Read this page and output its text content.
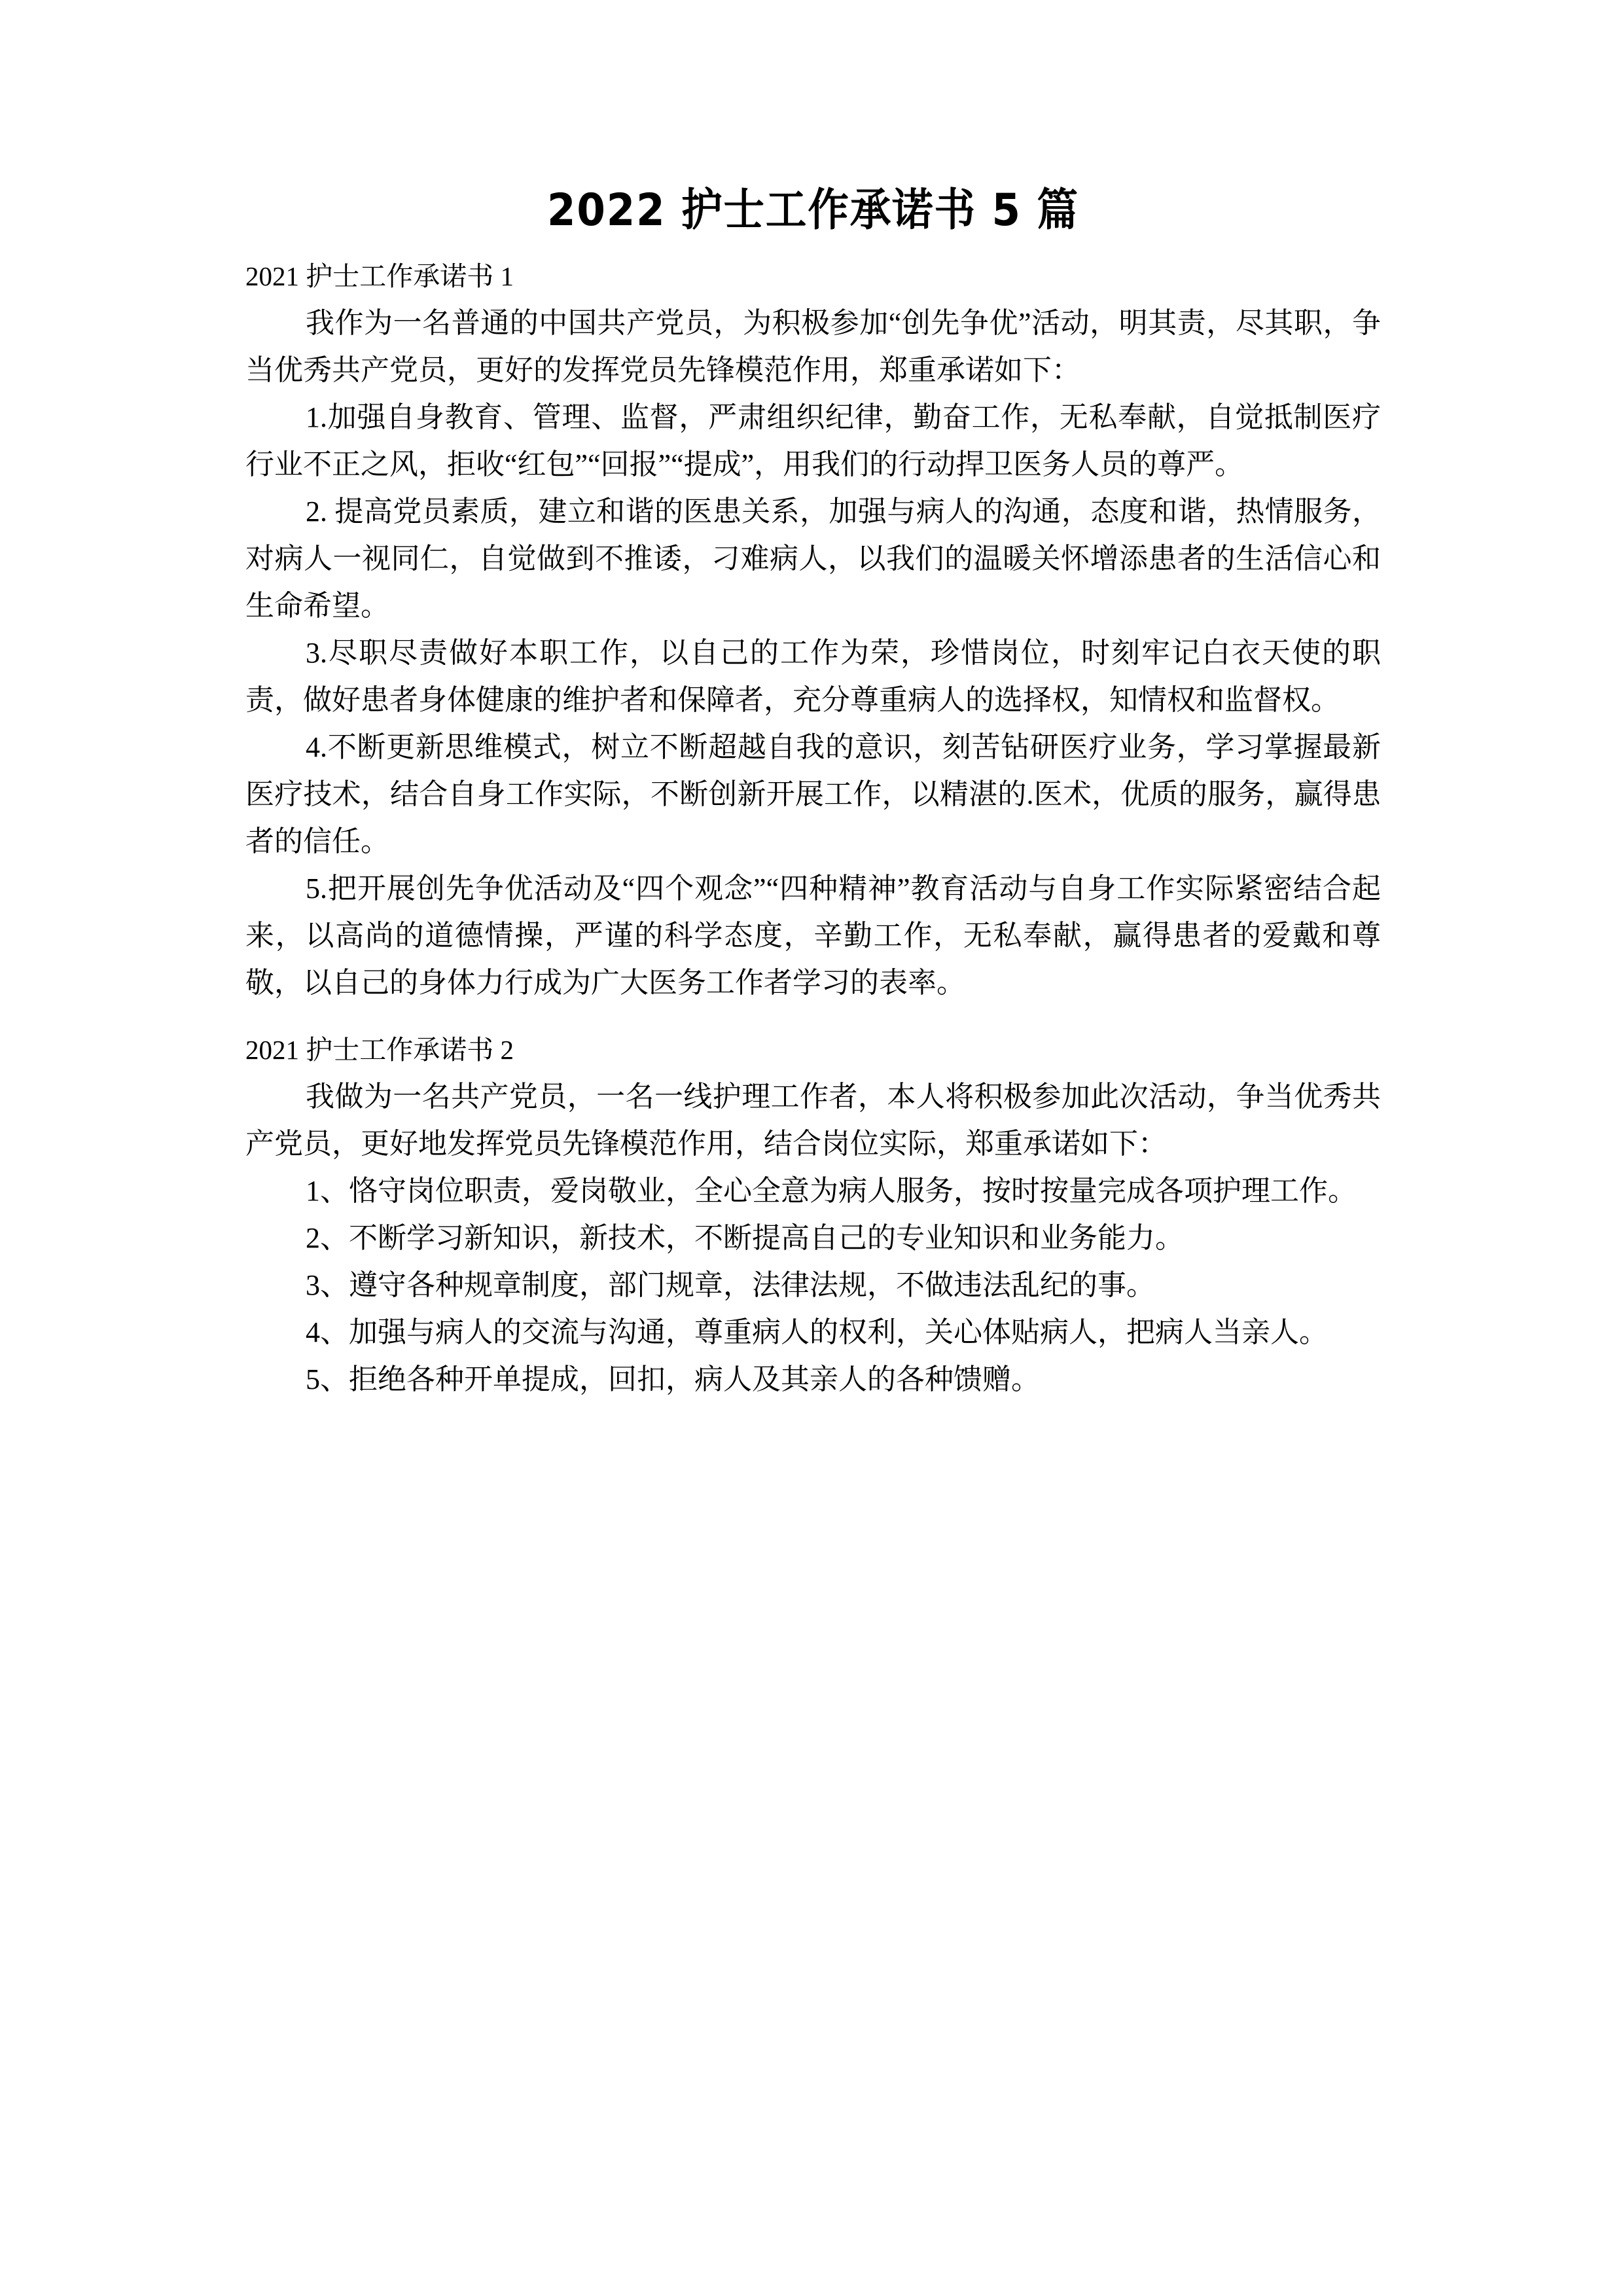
2022 护士工作承诺书 5 篇

2021 护士工作承诺书 1

我作为一名普通的中国共产党员，为积极参加“创先争优”活动，明其责，尽其职，争当优秀共产党员，更好的发挥党员先锋模范作用，郑重承诺如下：

1.加强自身教育、管理、监督，严肃组织纪律，勤奋工作，无私奉献，自觉抵制医疗行业不正之风，拒收“红包”“回报”“提成”，用我们的行动捍卫医务人员的尊严。

2. 提高党员素质，建立和谐的医患关系，加强与病人的沟通，态度和谐，热情服务，对病人一视同仁，自觉做到不推诿，刁难病人，以我们的温暖关怀增添患者的生活信心和生命希望。

3.尽职尽责做好本职工作，以自己的工作为荣，珍惜岗位，时刻牢记白衣天使的职责，做好患者身体健康的维护者和保障者，充分尊重病人的选择权，知情权和监督权。

4.不断更新思维模式，树立不断超越自我的意识，刻苦钻研医疗业务，学习掌握最新医疗技术，结合自身工作实际，不断创新开展工作，以精湛的.医术，优质的服务，赢得患者的信任。

5.把开展创先争优活动及“四个观念”“四种精神”教育活动与自身工作实际紧密结合起来，以高尚的道德情操，严谨的科学态度，辛勤工作，无私奉献，赢得患者的爱戴和尊敬，以自己的身体力行成为广大医务工作者学习的表率。

2021 护士工作承诺书 2

我做为一名共产党员，一名一线护理工作者，本人将积极参加此次活动，争当优秀共产党员，更好地发挥党员先锋模范作用，结合岗位实际，郑重承诺如下：

1、恪守岗位职责，爱岗敬业，全心全意为病人服务，按时按量完成各项护理工作。

2、不断学习新知识，新技术，不断提高自己的专业知识和业务能力。

3、遵守各种规章制度，部门规章，法律法规，不做违法乱纪的事。

4、加强与病人的交流与沟通，尊重病人的权利，关心体贴病人，把病人当亲人。

5、拒绝各种开单提成，回扣，病人及其亲人的各种馈赠。
